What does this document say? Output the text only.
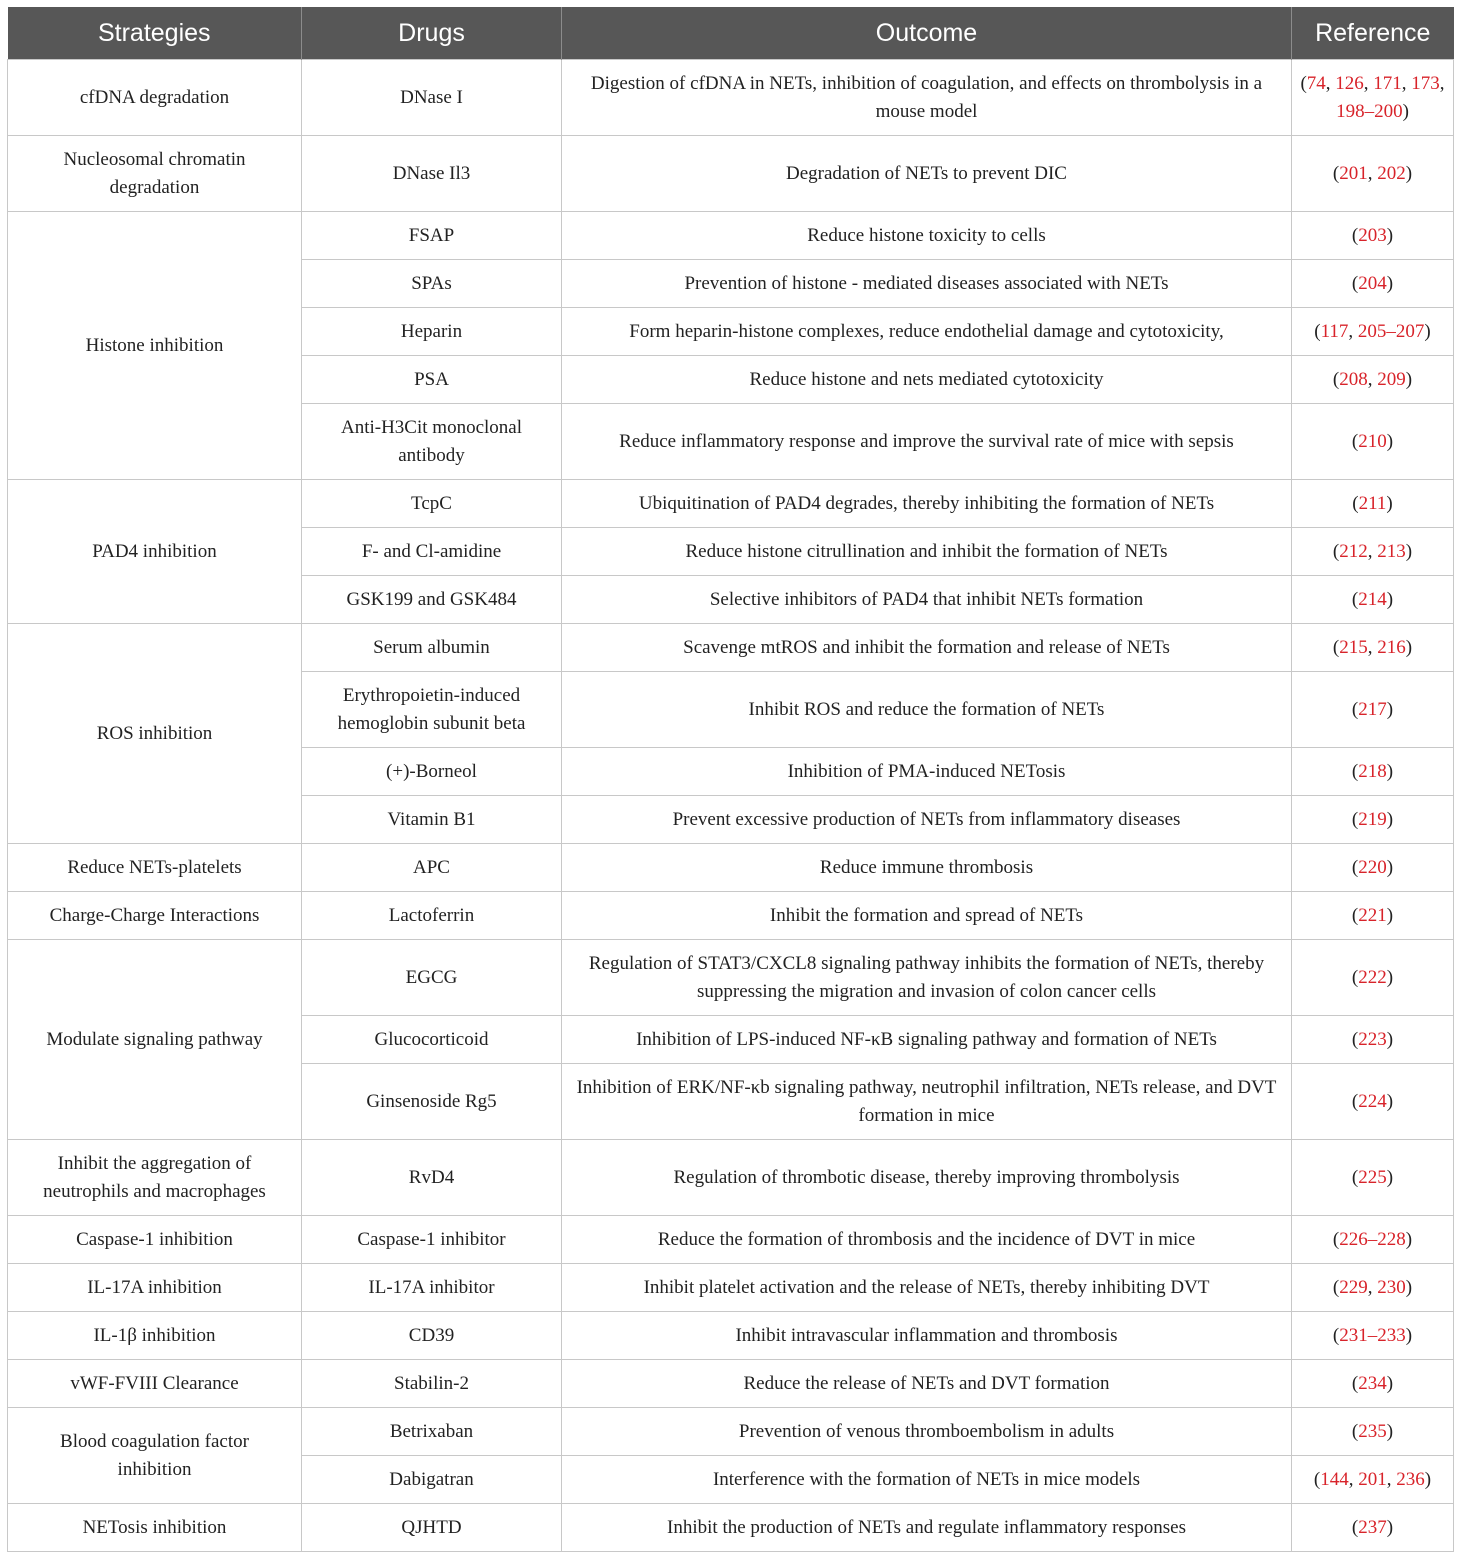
Strategies	Drugs	Outcome	Reference
cfDNA degradation	DNase I	Digestion of cfDNA in NETs, inhibition of coagulation, and effects on thrombolysis in a mouse model	(74, 126, 171, 173, 198–200)
Nucleosomal chromatin degradation	DNase Il3	Degradation of NETs to prevent DIC	(201, 202)
Histone inhibition	FSAP	Reduce histone toxicity to cells	(203)
	SPAs	Prevention of histone - mediated diseases associated with NETs	(204)
	Heparin	Form heparin-histone complexes, reduce endothelial damage and cytotoxicity,	(117, 205–207)
	PSA	Reduce histone and nets mediated cytotoxicity	(208, 209)
	Anti-H3Cit monoclonal antibody	Reduce inflammatory response and improve the survival rate of mice with sepsis	(210)
PAD4 inhibition	TcpC	Ubiquitination of PAD4 degrades, thereby inhibiting the formation of NETs	(211)
	F- and Cl-amidine	Reduce histone citrullination and inhibit the formation of NETs	(212, 213)
	GSK199 and GSK484	Selective inhibitors of PAD4 that inhibit NETs formation	(214)
ROS inhibition	Serum albumin	Scavenge mtROS and inhibit the formation and release of NETs	(215, 216)
	Erythropoietin-induced hemoglobin subunit beta	Inhibit ROS and reduce the formation of NETs	(217)
	(+)-Borneol	Inhibition of PMA-induced NETosis	(218)
	Vitamin B1	Prevent excessive production of NETs from inflammatory diseases	(219)
Reduce NETs-platelets	APC	Reduce immune thrombosis	(220)
Charge-Charge Interactions	Lactoferrin	Inhibit the formation and spread of NETs	(221)
Modulate signaling pathway	EGCG	Regulation of STAT3/CXCL8 signaling pathway inhibits the formation of NETs, thereby suppressing the migration and invasion of colon cancer cells	(222)
	Glucocorticoid	Inhibition of LPS-induced NF-κB signaling pathway and formation of NETs	(223)
	Ginsenoside Rg5	Inhibition of ERK/NF-κb signaling pathway, neutrophil infiltration, NETs release, and DVT formation in mice	(224)
Inhibit the aggregation of neutrophils and macrophages	RvD4	Regulation of thrombotic disease, thereby improving thrombolysis	(225)
Caspase-1 inhibition	Caspase-1 inhibitor	Reduce the formation of thrombosis and the incidence of DVT in mice	(226–228)
IL-17A inhibition	IL-17A inhibitor	Inhibit platelet activation and the release of NETs, thereby inhibiting DVT	(229, 230)
IL-1β inhibition	CD39	Inhibit intravascular inflammation and thrombosis	(231–233)
vWF-FVIII Clearance	Stabilin-2	Reduce the release of NETs and DVT formation	(234)
Blood coagulation factor inhibition	Betrixaban	Prevention of venous thromboembolism in adults	(235)
	Dabigatran	Interference with the formation of NETs in mice models	(144, 201, 236)
NETosis inhibition	QJHTD	Inhibit the production of NETs and regulate inflammatory responses	(237)
